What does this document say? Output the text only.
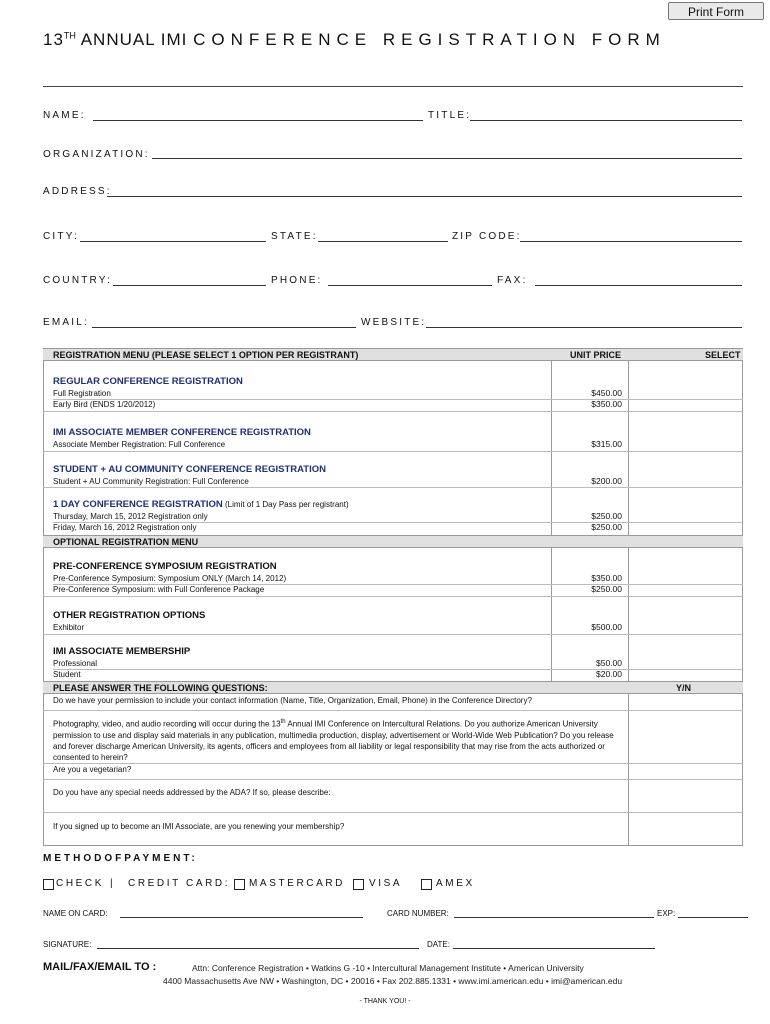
Print Form
13TH ANNUAL IMI CONFERENCE REGISTRATION FORM
NAME:	TITLE:
ORGANIZATION:
ADDRESS:
CITY:	STATE:	ZIP CODE:
COUNTRY:	PHONE:	FAX:
EMAIL:	WEBSITE:
REGISTRATION MENU (PLEASE SELECT 1 OPTION PER REGISTRANT)	UNIT PRICE	SELECT
REGULAR CONFERENCE REGISTRATION
Full Registration	$450.00
Early Bird (ENDS 1/20/2012)	$350.00
IMI ASSOCIATE MEMBER CONFERENCE REGISTRATION
Associate Member Registration: Full Conference	$315.00
STUDENT + AU COMMUNITY CONFERENCE REGISTRATION
Student + AU Community Registration: Full Conference	$200.00
1 DAY CONFERENCE REGISTRATION (Limit of 1 Day Pass per registrant)
Thursday, March 15, 2012 Registration only	$250.00
Friday, March 16, 2012 Registration only	$250.00
OPTIONAL REGISTRATION MENU
PRE-CONFERENCE SYMPOSIUM REGISTRATION
Pre-Conference Symposium: Symposium ONLY (March 14, 2012)	$350.00
Pre-Conference Symposium: with Full Conference Package	$250.00
OTHER REGISTRATION OPTIONS
Exhibitor	$500.00
IMI ASSOCIATE MEMBERSHIP
Professional	$50.00
Student	$20.00
PLEASE ANSWER THE FOLLOWING QUESTIONS:	Y/N
Do we have your permission to include your contact information (Name, Title, Organization, Email, Phone) in the Conference Directory?
Photography, video, and audio recording will occur during the 13th Annual IMI Conference on Intercultural Relations. Do you authorize American University permission to use and display said materials in any publication, multimedia production, display, advertisement or World-Wide Web Publication? Do you release and forever discharge American University, its agents, officers and employees from all liability or legal responsibility that may rise from the acts authorized or consented to herein?
Are you a vegetarian?
Do you have any special needs addressed by the ADA? If so, please describe:
If you signed up to become an IMI Associate, are you renewing your membership?
METHODOFPAYMENT:
CHECK | CREDIT CARD: MASTERCARD VISA	AMEX
NAME ON CARD:	CARD NUMBER:	EXP:
SIGNATURE:	DATE:
MAIL/FAX/EMAIL TO :	Attn: Conference Registration • Watkins G -10 • Intercultural Management Institute • American University
4400 Massachusetts Ave NW • Washington, DC • 20016 • Fax 202.885.1331 • www.imi.american.edu • imi@american.edu
- THANK YOU! -
